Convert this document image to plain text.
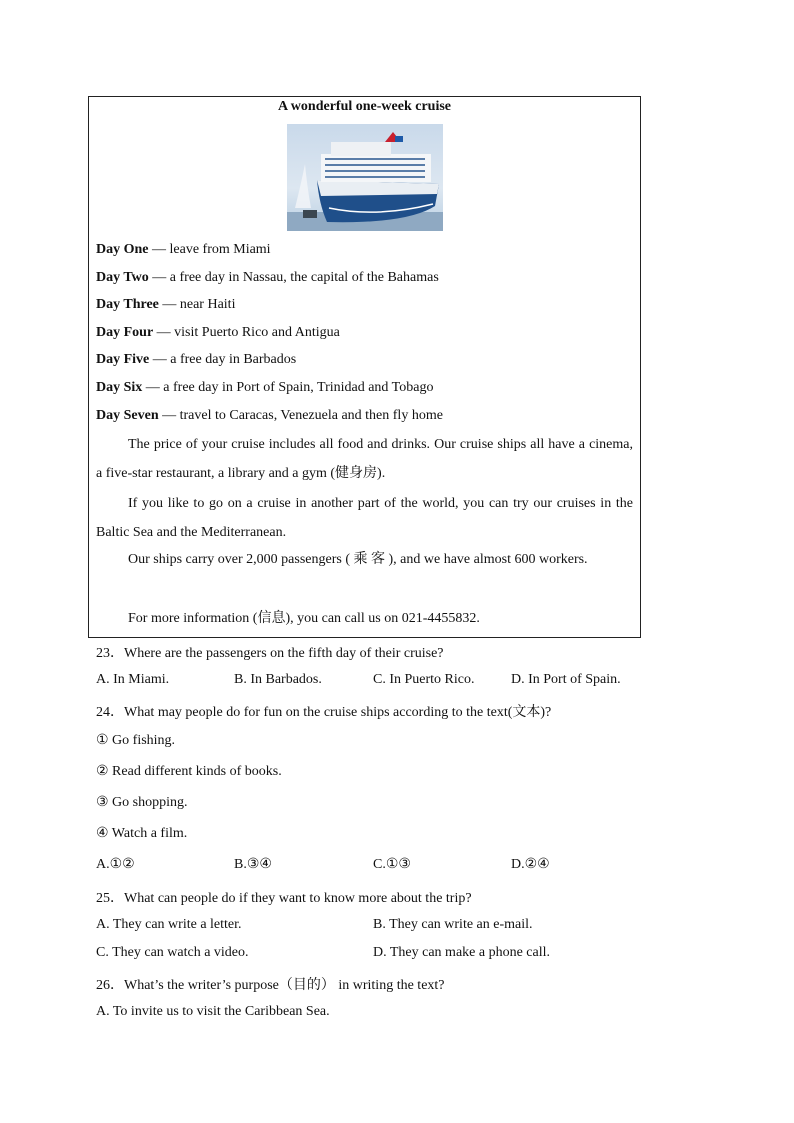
A wonderful one-week cruise
Day One — leave from Miami
Day Two — a free day in Nassau, the capital of the Bahamas
Day Three — near Haiti
Day Four — visit Puerto Rico and Antigua
Day Five — a free day in Barbados
Day Six — a free day in Port of Spain, Trinidad and Tobago
Day Seven — travel to Caracas, Venezuela and then fly home
The price of your cruise includes all food and drinks. Our cruise ships all have a cinema, a five-star restaurant, a library and a gym (健身房).
If you like to go on a cruise in another part of the world, you can try our cruises in the Baltic Sea and the Mediterranean.
Our ships carry over 2,000 passengers ( 乘 客 ), and we have almost 600 workers.
For more information (信息), you can call us on 021-4455832.
23．Where are the passengers on the fifth day of their cruise?
A. In Miami.	B. In Barbados.	C. In Puerto Rico.	D. In Port of Spain.
24．What may people do for fun on the cruise ships according to the text(文本)?
① Go fishing.
② Read different kinds of books.
③ Go shopping.
④ Watch a film.
A.①②	B.③④	C.①③	D.②④
25．What can people do if they want to know more about the trip?
A. They can write a letter.	B. They can write an e-mail.
C. They can watch a video.	D. They can make a phone call.
26．What’s the writer’s purpose（目的） in writing the text?
A. To invite us to visit the Caribbean Sea.
